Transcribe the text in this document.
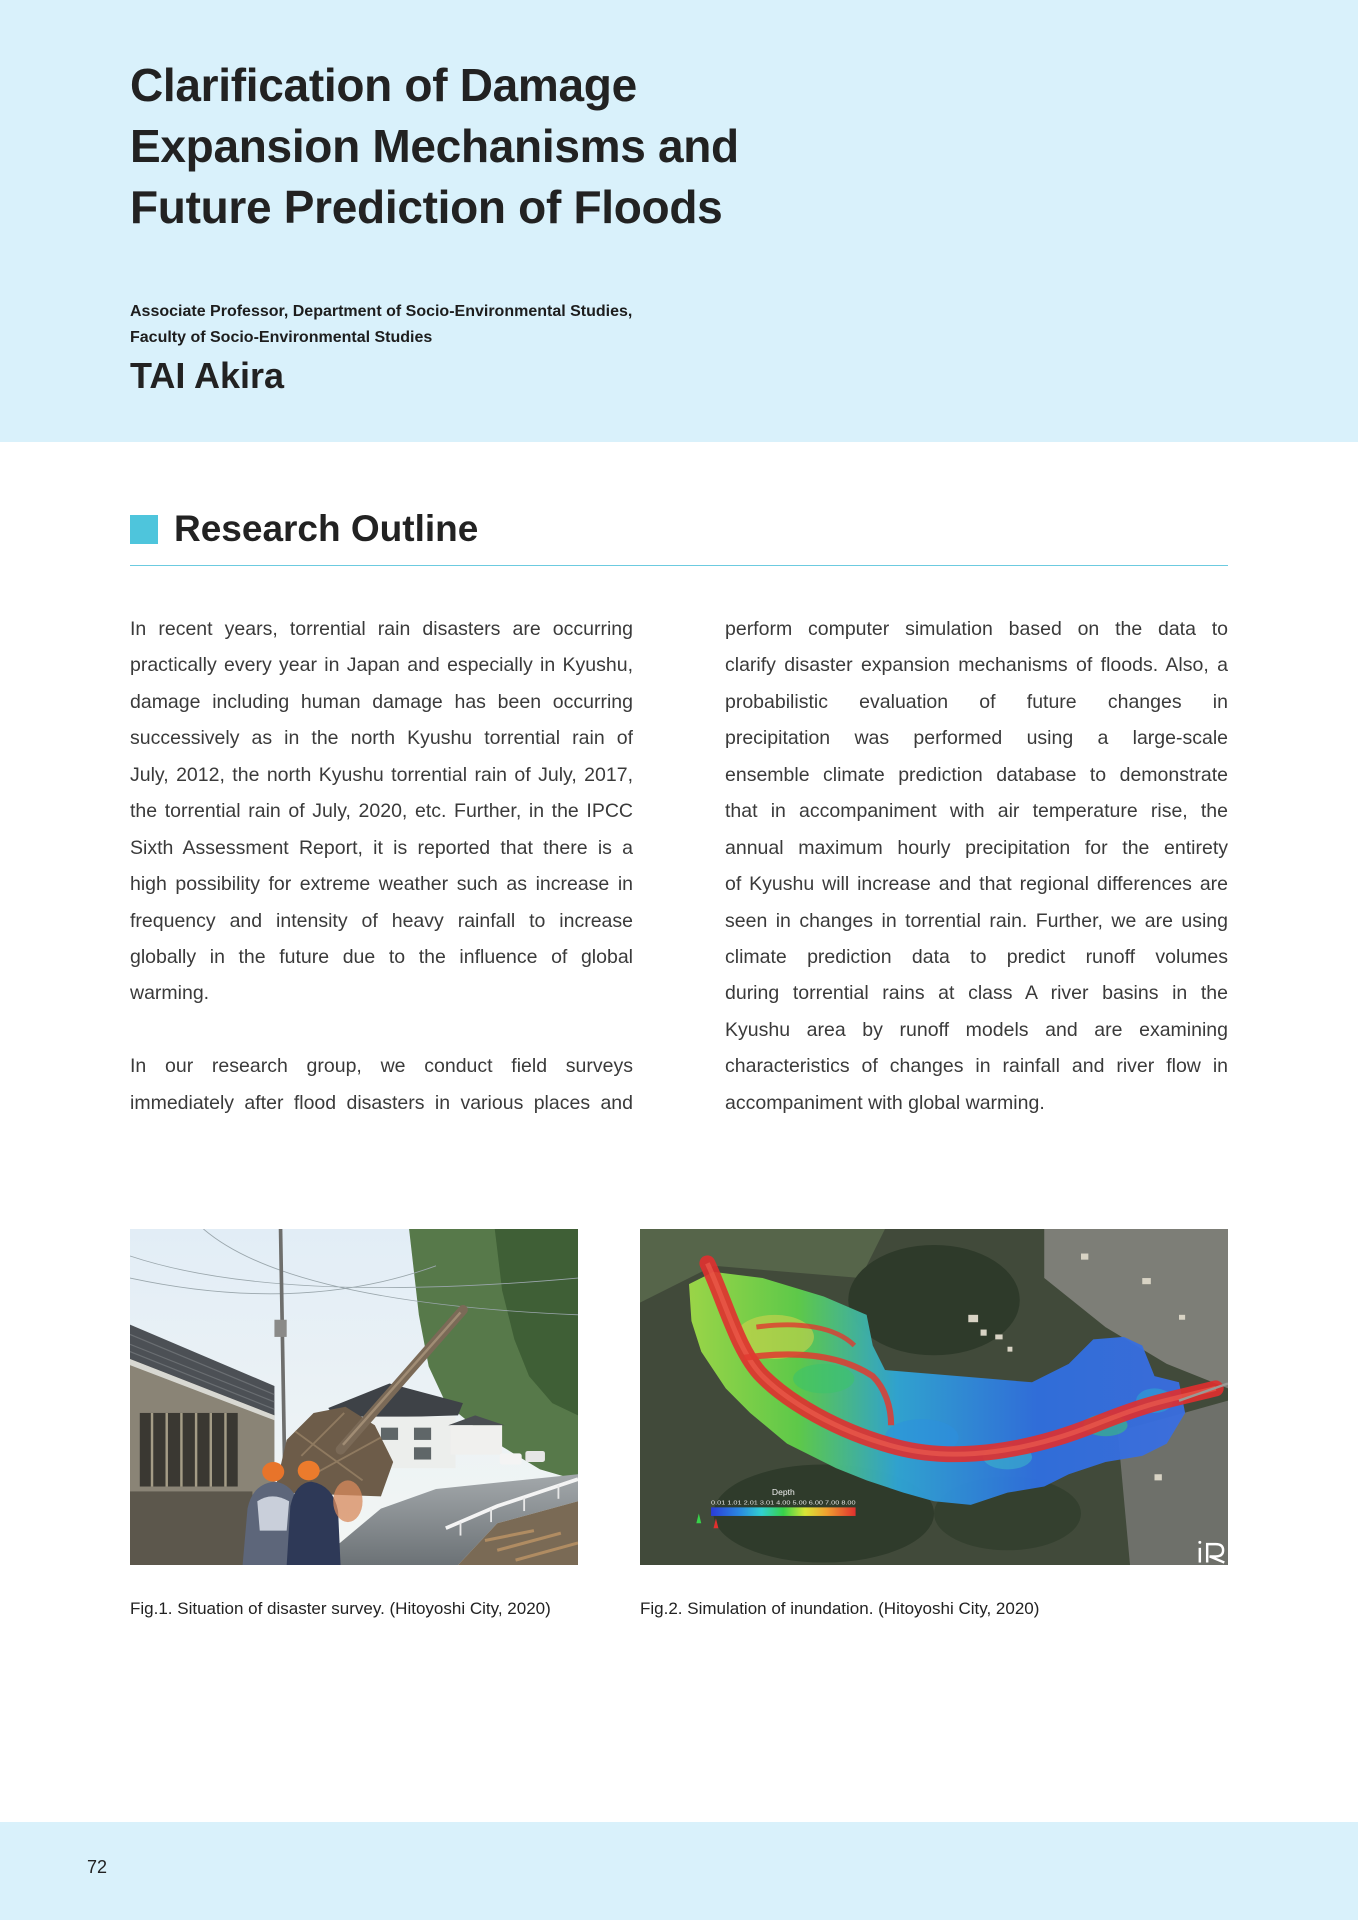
Clarification of Damage
Expansion Mechanisms and
Future Prediction of Floods
Associate Professor, Department of Socio-Environmental Studies,
Faculty of Socio-Environmental Studies
TAI Akira
Research Outline
In recent years, torrential rain disasters are occurring
practically every year in Japan and especially in Kyushu,
damage including human damage has been occurring
successively as in the north Kyushu torrential rain of
July, 2012, the north Kyushu torrential rain of July, 2017,
the torrential rain of July, 2020, etc. Further, in the IPCC
Sixth Assessment Report, it is reported that there is a
high possibility for extreme weather such as increase in
frequency and intensity of heavy rainfall to increase
globally in the future due to the influence of global
warming.
In our research group, we conduct field surveys
immediately after flood disasters in various places and
perform computer simulation based on the data to
clarify disaster expansion mechanisms of floods. Also, a
probabilistic evaluation of future changes in
precipitation was performed using a large-scale
ensemble climate prediction database to demonstrate
that in accompaniment with air temperature rise, the
annual maximum hourly precipitation for the entirety
of Kyushu will increase and that regional differences are
seen in changes in torrential rain. Further, we are using
climate prediction data to predict runoff volumes
during torrential rains at class A river basins in the
Kyushu area by runoff models and are examining
characteristics of changes in rainfall and river flow in
accompaniment with global warming.
Depth
0.01 1.01 2.01 3.01 4.00 5.00 6.00 7.00 8.00
Fig.1. Situation of disaster survey. (Hitoyoshi City, 2020)	Fig.2. Simulation of inundation. (Hitoyoshi City, 2020)
72
